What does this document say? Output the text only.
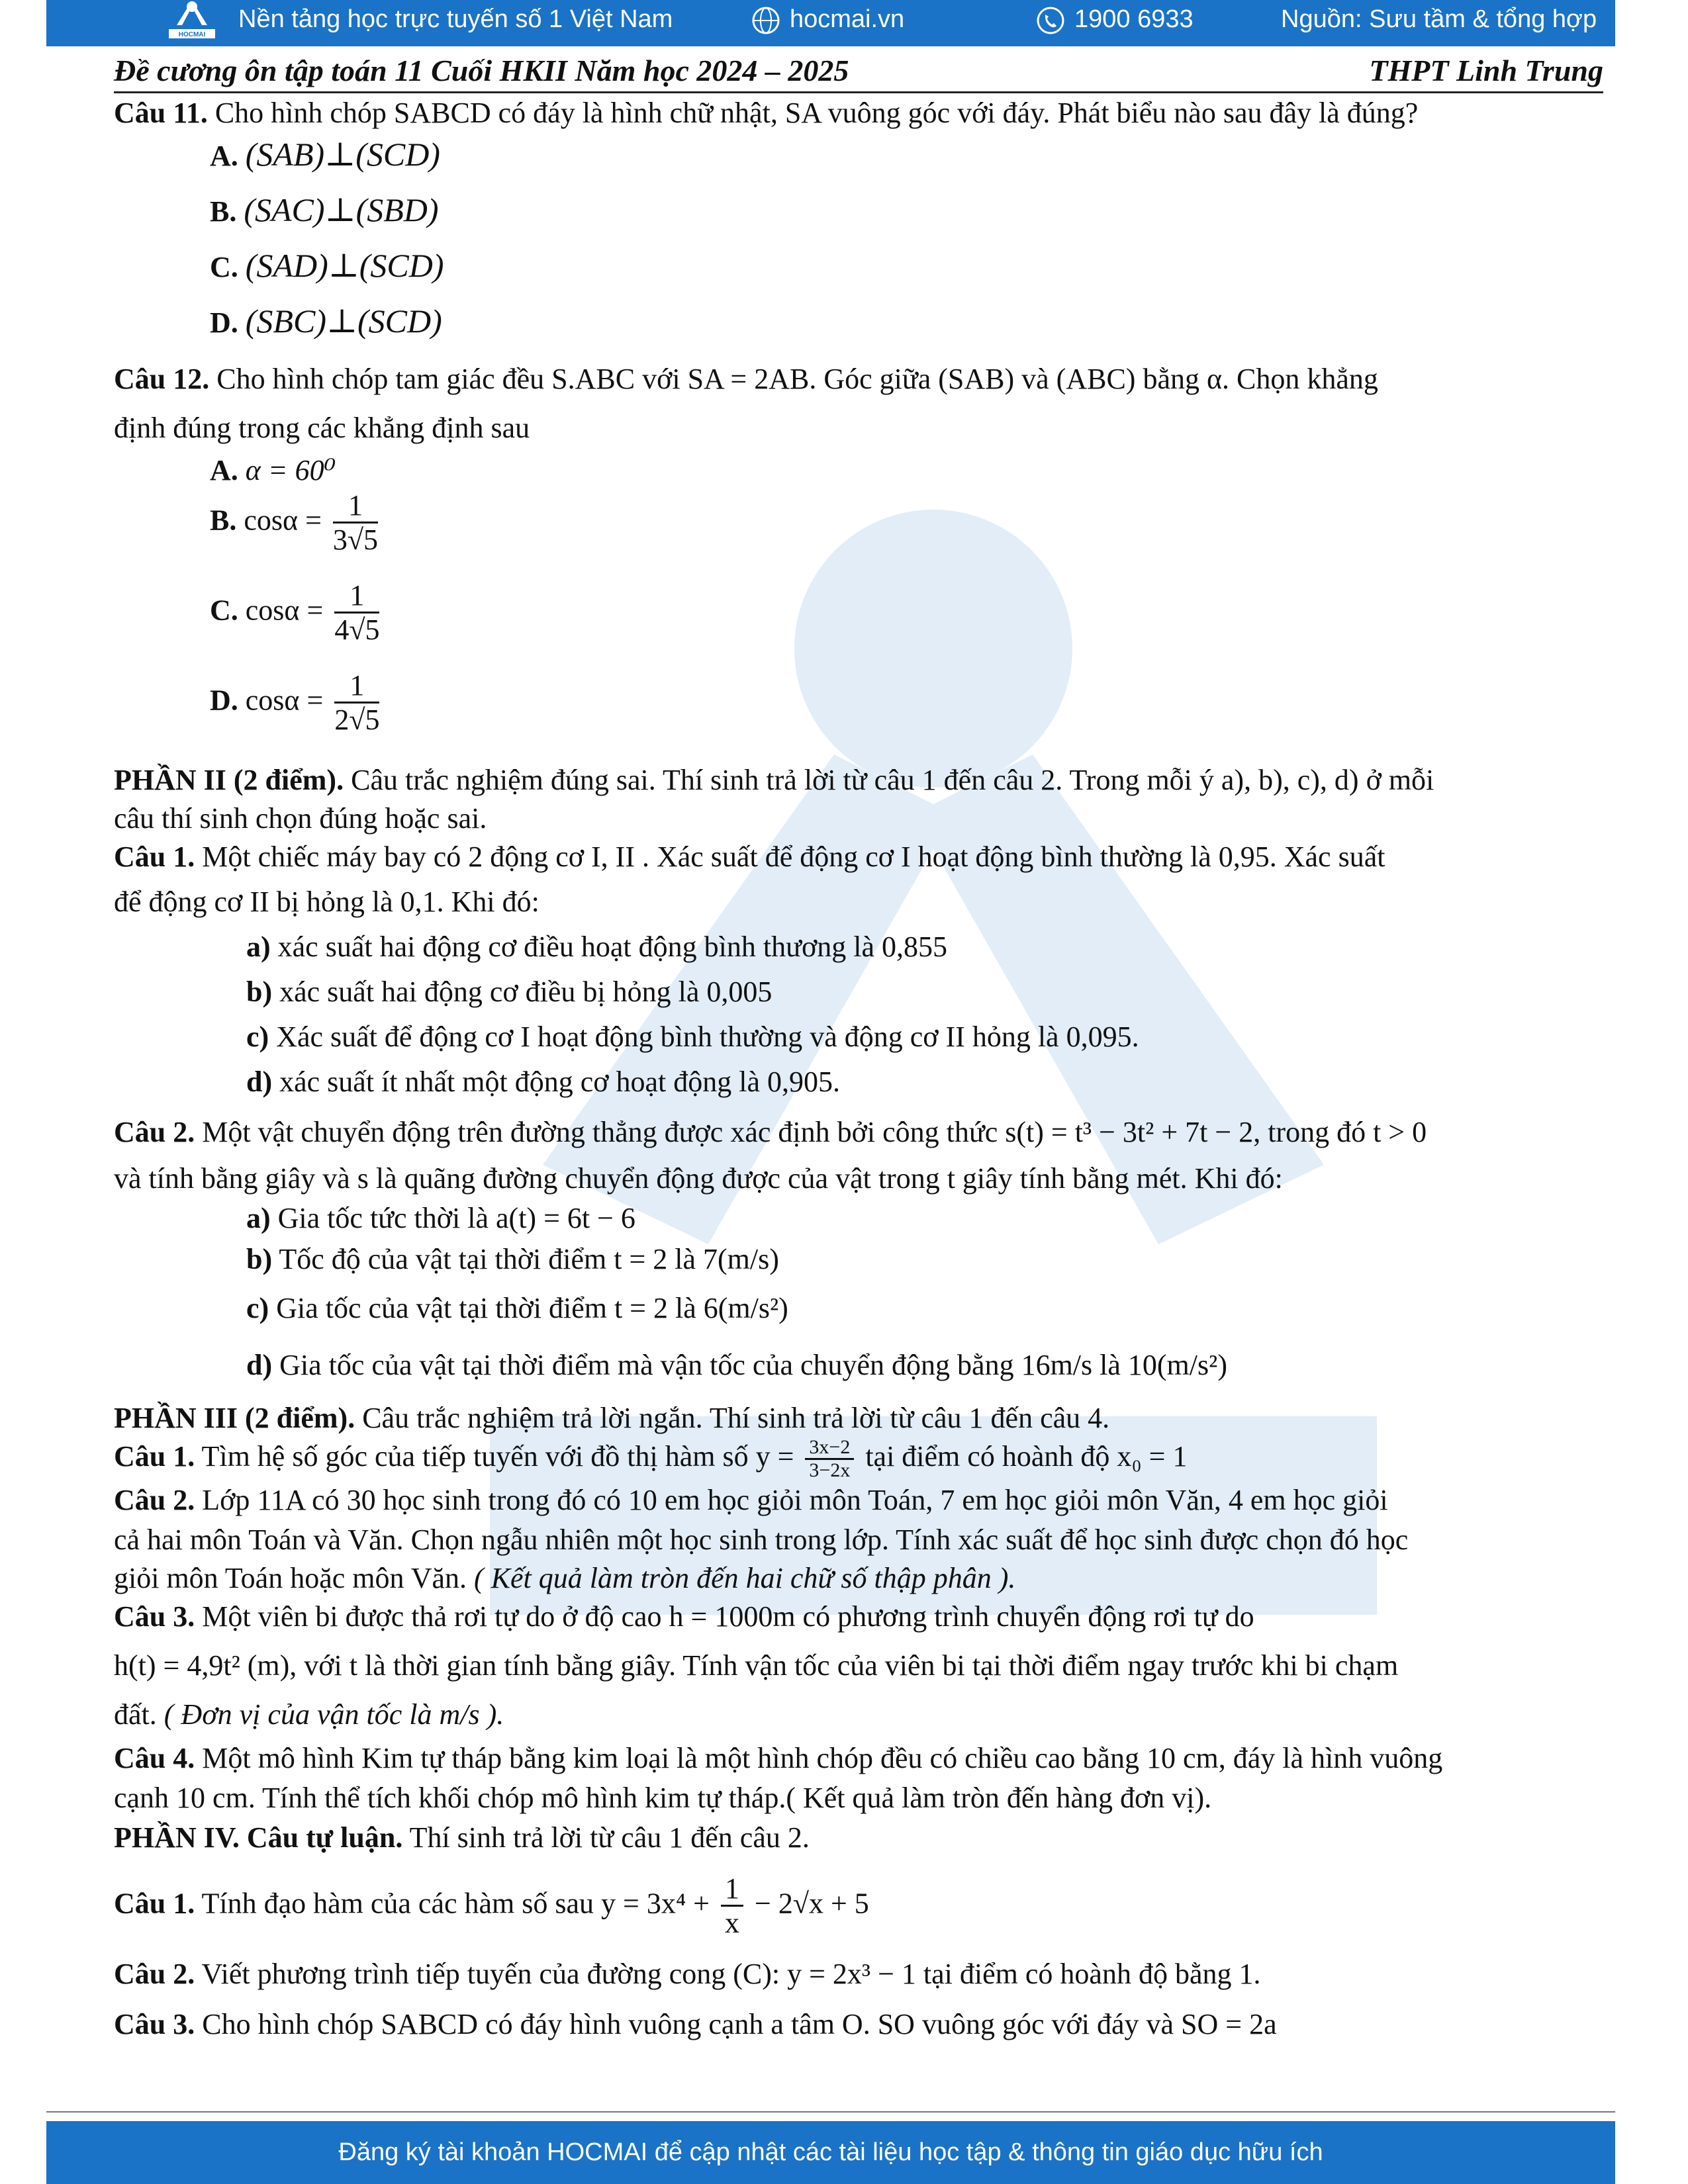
HOCMAI
Nền tảng học trực tuyến số 1 Việt Nam	hocmai.vn	1900 6933	Nguồn: Sưu tầm & tổng hợp
Đề cương ôn tập toán 11 Cuối HKII Năm học 2024 – 2025	THPT Linh Trung
Câu 11. Cho hình chóp SABCD có đáy là hình chữ nhật, SA vuông góc với đáy. Phát biểu nào sau đây là đúng?
A. (SAB)⊥(SCD)
B. (SAC)⊥(SBD)
C. (SAD)⊥(SCD)
D. (SBC)⊥(SCD)
Câu 12. Cho hình chóp tam giác đều S.ABC với SA = 2AB. Góc giữa (SAB) và (ABC) bằng α. Chọn khẳng
định đúng trong các khẳng định sau
A. α = 60⁰
B. $\cos\alpha = \frac{1}{3√5}$
C. $\cos\alpha = \frac{1}{4√5}$
D. $\cos\alpha = \frac{1}{2√5}$
PHẦN II (2 điểm). Câu trắc nghiệm đúng sai. Thí sinh trả lời từ câu 1 đến câu 2. Trong mỗi ý a), b), c), d) ở mỗi
câu thí sinh chọn đúng hoặc sai.
Câu 1. Một chiếc máy bay có 2 động cơ I, II . Xác suất để động cơ I hoạt động bình thường là 0,95. Xác suất
để động cơ II bị hỏng là 0,1. Khi đó:
a) xác suất hai động cơ điều hoạt động bình thương là 0,855
b) xác suất hai động cơ điều bị hỏng là 0,005
c) Xác suất để động cơ I hoạt động bình thường và động cơ II hỏng là 0,095.
d) xác suất ít nhất một động cơ hoạt động là 0,905.
Câu 2. Một vật chuyển động trên đường thẳng được xác định bởi công thức s(t) = t³ − 3t² + 7t − 2, trong đó t > 0
và tính bằng giây và s là quãng đường chuyển động được của vật trong t giây tính bằng mét. Khi đó:
a) Gia tốc tức thời là a(t) = 6t − 6
b) Tốc độ của vật tại thời điểm t = 2 là 7(m/s)
c) Gia tốc của vật tại thời điểm t = 2 là 6(m/s²)
d) Gia tốc của vật tại thời điểm mà vận tốc của chuyển động bằng 16m/s là 10(m/s²)
PHẦN III (2 điểm). Câu trắc nghiệm trả lời ngắn. Thí sinh trả lời từ câu 1 đến câu 4.
Câu 1. Tìm hệ số góc của tiếp tuyến với đồ thị hàm số $y = \frac{3x-2}{3-2x}$ tại điểm có hoành độ x₀ = 1
Câu 2. Lớp 11A có 30 học sinh trong đó có 10 em học giỏi môn Toán, 7 em học giỏi môn Văn, 4 em học giỏi
cả hai môn Toán và Văn. Chọn ngẫu nhiên một học sinh trong lớp. Tính xác suất để học sinh được chọn đó học
giỏi môn Toán hoặc môn Văn. ( Kết quả làm tròn đến hai chữ số thập phân ).
Câu 3. Một viên bi được thả rơi tự do ở độ cao h = 1000m có phương trình chuyển động rơi tự do
h(t) = 4,9t² (m), với t là thời gian tính bằng giây. Tính vận tốc của viên bi tại thời điểm ngay trước khi bi chạm
đất. ( Đơn vị của vận tốc là m/s ).
Câu 4. Một mô hình Kim tự tháp bằng kim loại là một hình chóp đều có chiều cao bằng 10 cm, đáy là hình vuông
cạnh 10 cm. Tính thể tích khối chóp mô hình kim tự tháp.( Kết quả làm tròn đến hàng đơn vị).
PHẦN IV. Câu tự luận. Thí sinh trả lời từ câu 1 đến câu 2.
Câu 1. Tính đạo hàm của các hàm số sau $y = 3x^4 + \frac{1}{x} - 2√x + 5$
Câu 2. Viết phương trình tiếp tuyến của đường cong (C): y = 2x³ − 1 tại điểm có hoành độ bằng 1.
Câu 3. Cho hình chóp SABCD có đáy hình vuông cạnh a tâm O. SO vuông góc với đáy và SO = 2a
Đăng ký tài khoản HOCMAI để cập nhật các tài liệu học tập & thông tin giáo dục hữu ích
